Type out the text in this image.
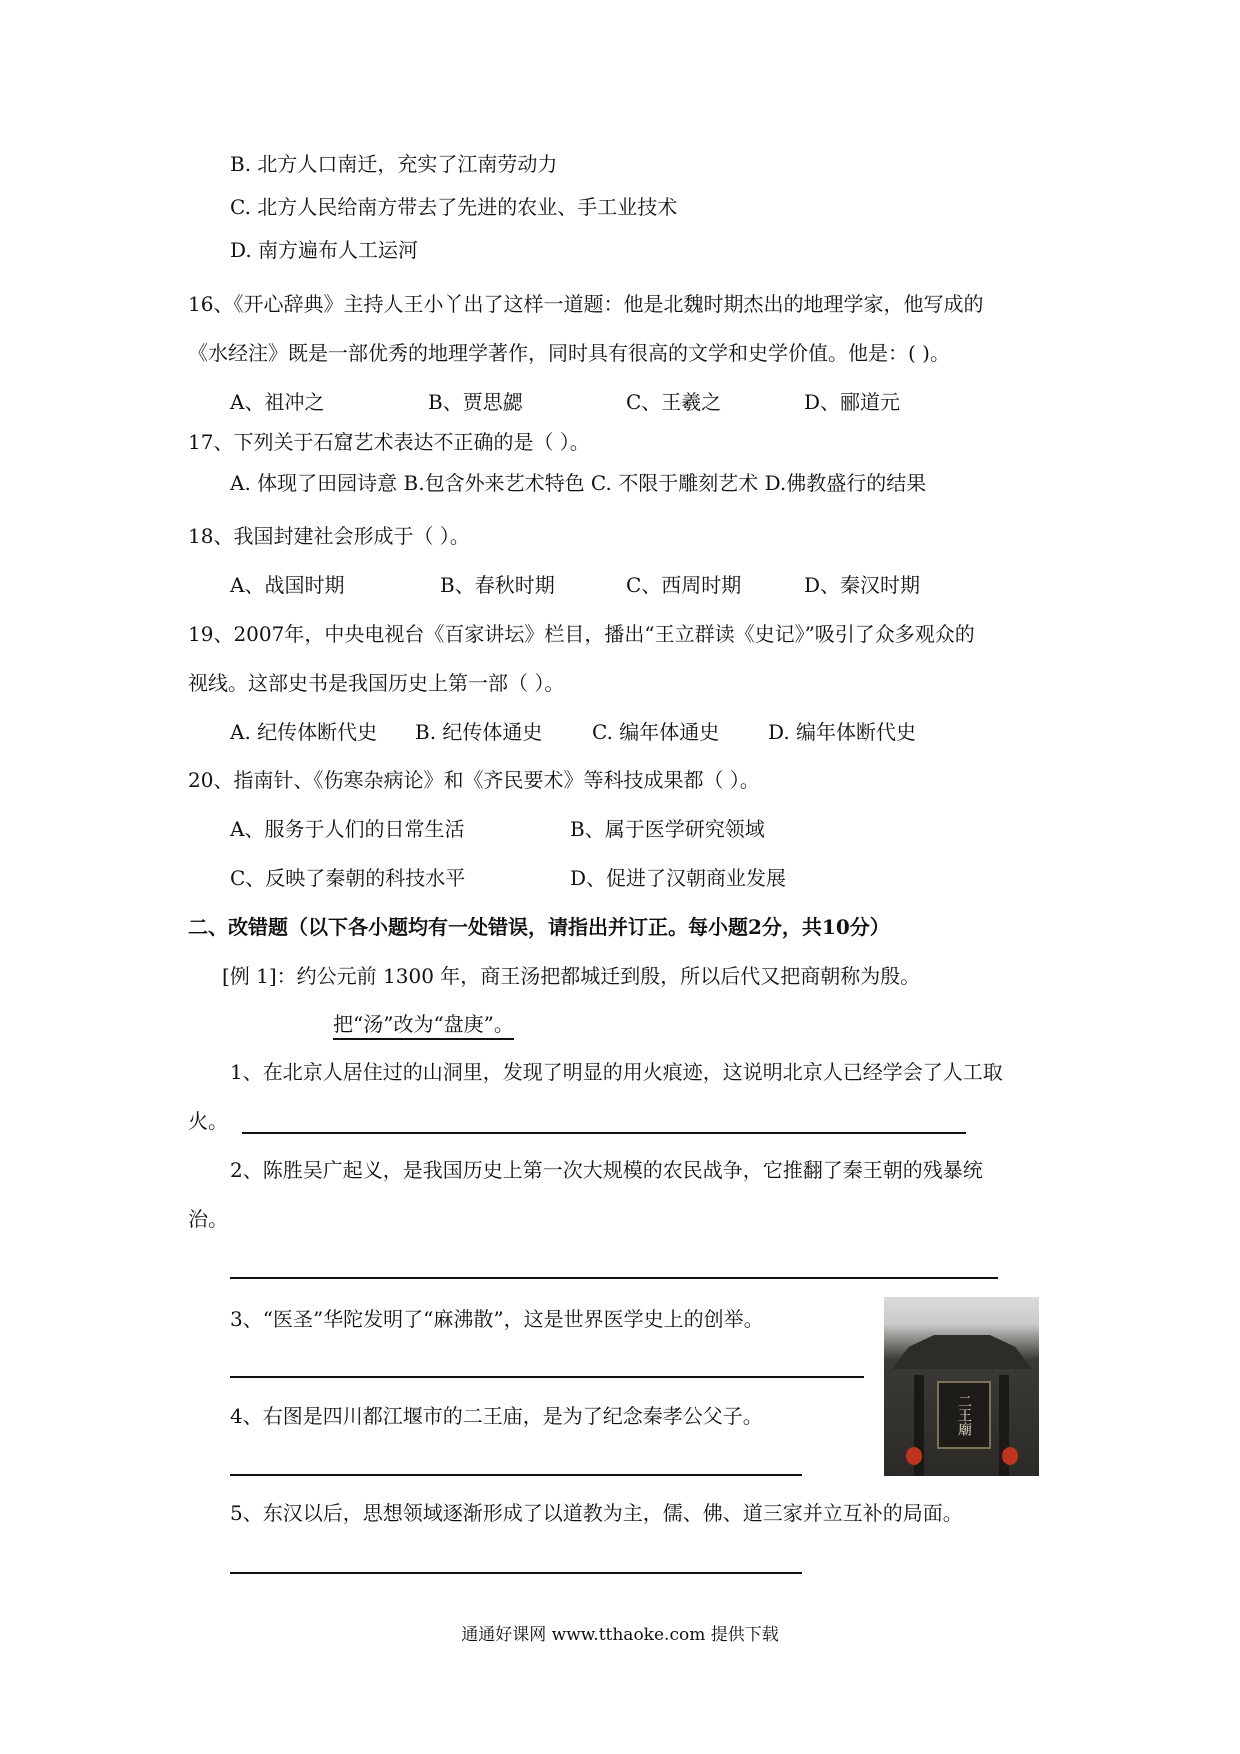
B. 北方人口南迁，充实了江南劳动力
C. 北方人民给南方带去了先进的农业、手工业技术
D. 南方遍布人工运河
16、《开心辞典》主持人王小丫出了这样一道题：他是北魏时期杰出的地理学家，他写成的
《水经注》既是一部优秀的地理学著作，同时具有很高的文学和史学价值。他是：( )。
A、祖冲之	B、贾思勰	C、王羲之	D、郦道元
17、下列关于石窟艺术表达不正确的是（ ）。
A. 体现了田园诗意 B.包含外来艺术特色 C. 不限于雕刻艺术 D.佛教盛行的结果
18、我国封建社会形成于（ ）。
A、战国时期	B、春秋时期	C、西周时期	D、秦汉时期
19、2007年，中央电视台《百家讲坛》栏目，播出“王立群读《史记》”吸引了众多观众的
视线。这部史书是我国历史上第一部（ ）。
A. 纪传体断代史 B. 纪传体通史 C. 编年体通史 D. 编年体断代史
20、指南针、《伤寒杂病论》和《齐民要术》等科技成果都（ ）。
A、服务于人们的日常生活	B、属于医学研究领域
C、反映了秦朝的科技水平	D、促进了汉朝商业发展
二、改错题（以下各小题均有一处错误，请指出并订正。每小题2分，共10分）
[例 1]：约公元前 1300 年，商王汤把都城迁到殷，所以后代又把商朝称为殷。
把“汤”改为“盘庚”。
1、在北京人居住过的山洞里，发现了明显的用火痕迹，这说明北京人已经学会了人工取
火。
2、陈胜吴广起义，是我国历史上第一次大规模的农民战争，它推翻了秦王朝的残暴统
治。
3、“医圣”华陀发明了“麻沸散”，这是世界医学史上的创举。
4、右图是四川都江堰市的二王庙，是为了纪念秦孝公父子。
5、东汉以后，思想领域逐渐形成了以道教为主，儒、佛、道三家并立互补的局面。
二王廟
通通好课网 www.tthaoke.com 提供下载
